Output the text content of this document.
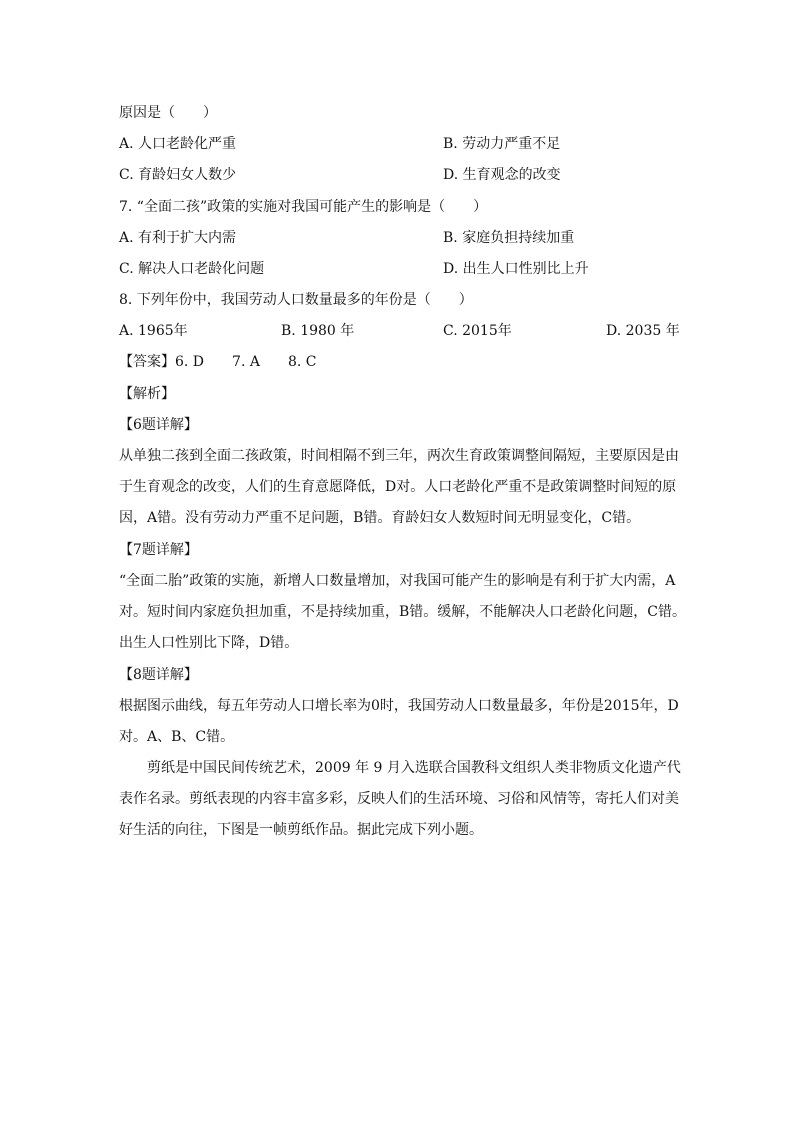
原因是（　　）
A. 人口老龄化严重	B. 劳动力严重不足
C. 育龄妇女人数少	D. 生育观念的改变
7. “全面二孩”政策的实施对我国可能产生的影响是（　　）
A. 有利于扩大内需	B. 家庭负担持续加重
C. 解决人口老龄化问题	D. 出生人口性别比上升
8. 下列年份中，我国劳动人口数量最多的年份是（　　）
A. 1965年	B. 1980 年	C. 2015年	D. 2035 年
【答案】6. D　　7. A　　8. C
【解析】
【6题详解】
从单独二孩到全面二孩政策，时间相隔不到三年，两次生育政策调整间隔短，主要原因是由
于生育观念的改变，人们的生育意愿降低，D对。人口老龄化严重不是政策调整时间短的原
因，A错。没有劳动力严重不足问题，B错。育龄妇女人数短时间无明显变化，C错。
【7题详解】
“全面二胎”政策的实施，新增人口数量增加，对我国可能产生的影响是有利于扩大内需，A
对。短时间内家庭负担加重，不是持续加重，B错。缓解，不能解决人口老龄化问题，C错。
出生人口性别比下降，D错。
【8题详解】
根据图示曲线，每五年劳动人口增长率为0时，我国劳动人口数量最多，年份是2015年，D
对。A、B、C错。
剪纸是中国民间传统艺术，2009 年 9 月入选联合国教科文组织人类非物质文化遗产代
表作名录。剪纸表现的内容丰富多彩，反映人们的生活环境、习俗和风情等，寄托人们对美
好生活的向往，下图是一帧剪纸作品。据此完成下列小题。
